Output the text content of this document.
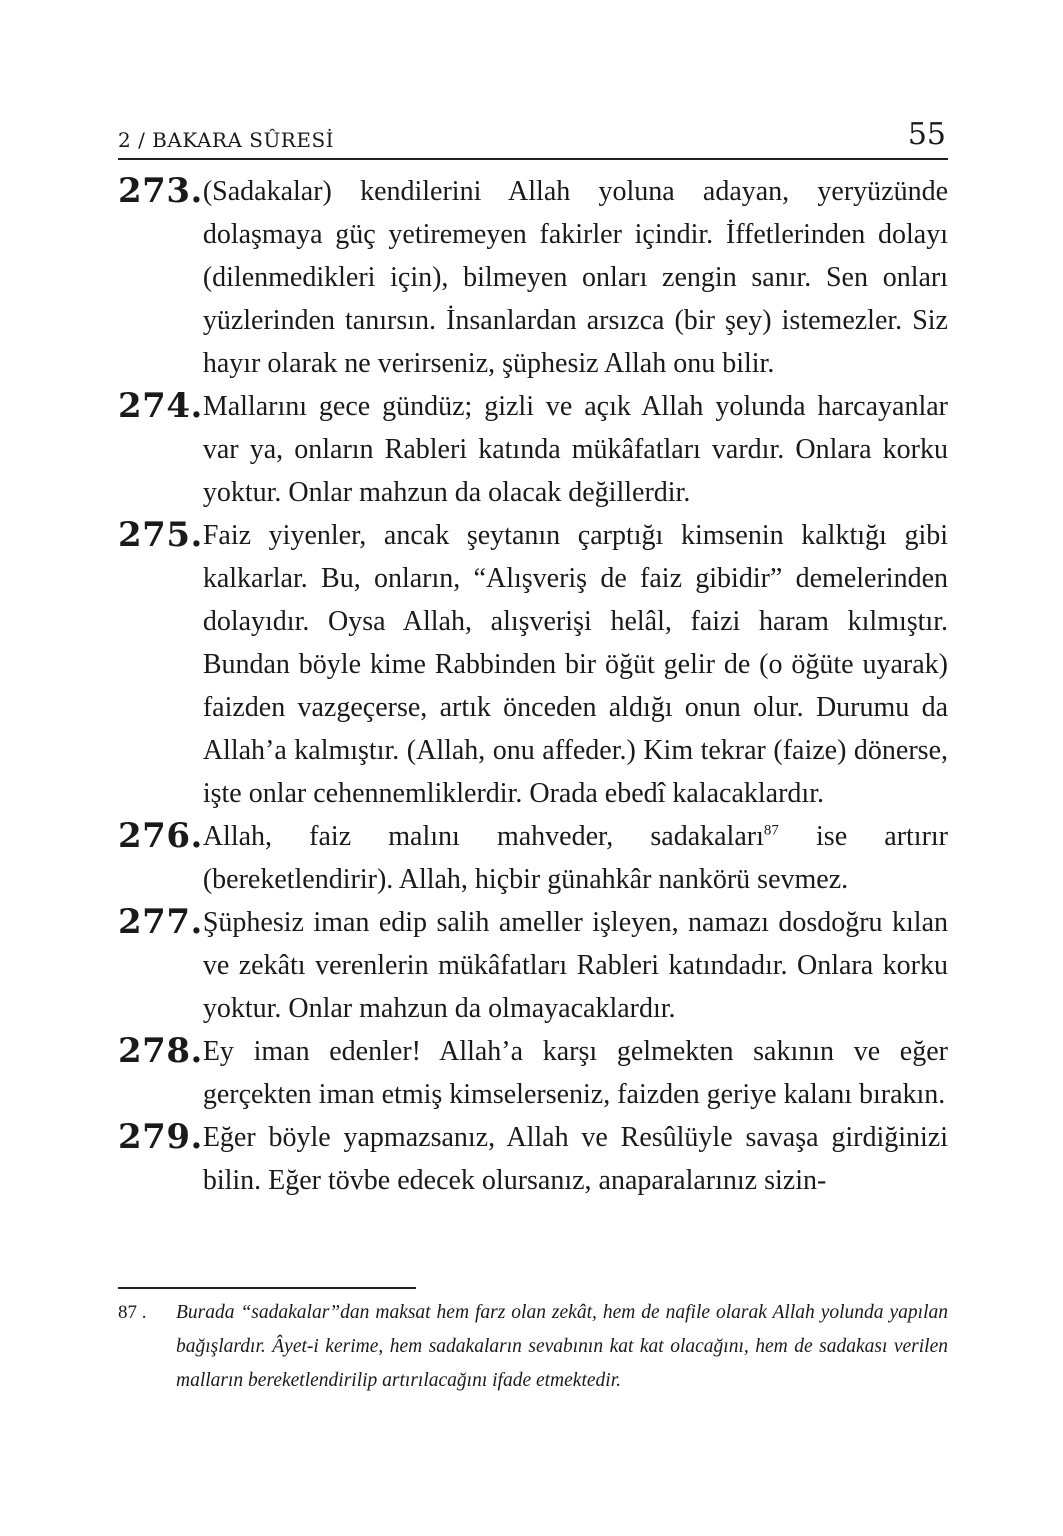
2 / BAKARA SÛRESİ	55
273. (Sadakalar) kendilerini Allah yoluna adayan, yeryüzünde dolaşmaya güç yetiremeyen fakirler içindir. İffetlerinden dolayı (dilenmedikleri için), bilmeyen onları zengin sanır. Sen onları yüzlerinden tanırsın. İnsanlardan arsızca (bir şey) istemezler. Siz hayır olarak ne verirseniz, şüphesiz Allah onu bilir.

274. Mallarını gece gündüz; gizli ve açık Allah yolunda harcayanlar var ya, onların Rableri katında mükâfatları vardır. Onlara korku yoktur. Onlar mahzun da olacak değillerdir.

275. Faiz yiyenler, ancak şeytanın çarptığı kimsenin kalktığı gibi kalkarlar. Bu, onların, “Alışveriş de faiz gibidir” demelerinden dolayıdır. Oysa Allah, alışverişi helâl, faizi haram kılmıştır. Bundan böyle kime Rabbinden bir öğüt gelir de (o öğüte uyarak) faizden vazgeçerse, artık önceden aldığı onun olur. Durumu da Allah’a kalmıştır. (Allah, onu affeder.) Kim tekrar (faize) dönerse, işte onlar cehennemliklerdir. Orada ebedî kalacaklardır.

276. Allah, faiz malını mahveder, sadakaları$^{87}$ ise artırır (bereketlendirir). Allah, hiçbir günahkâr nankörü sevmez.

277. Şüphesiz iman edip salih ameller işleyen, namazı dosdoğru kılan ve zekâtı verenlerin mükâfatları Rableri katındadır. Onlara korku yoktur. Onlar mahzun da olmayacaklardır.

278. Ey iman edenler! Allah’a karşı gelmekten sakının ve eğer gerçekten iman etmiş kimselerseniz, faizden geriye kalanı bırakın.

279. Eğer böyle yapmazsanız, Allah ve Resûlüyle savaşa girdiğinizi bilin. Eğer tövbe edecek olursanız, anaparalarınız sizin-

87 .	Burada “sadakalar”dan maksat hem farz olan zekât, hem de nafile olarak Allah yolunda yapılan bağışlardır. Âyet-i kerime, hem sadakaların sevabının kat kat olacağını, hem de sadakası verilen malların bereketlendirilip artırılacağını ifade etmektedir.
